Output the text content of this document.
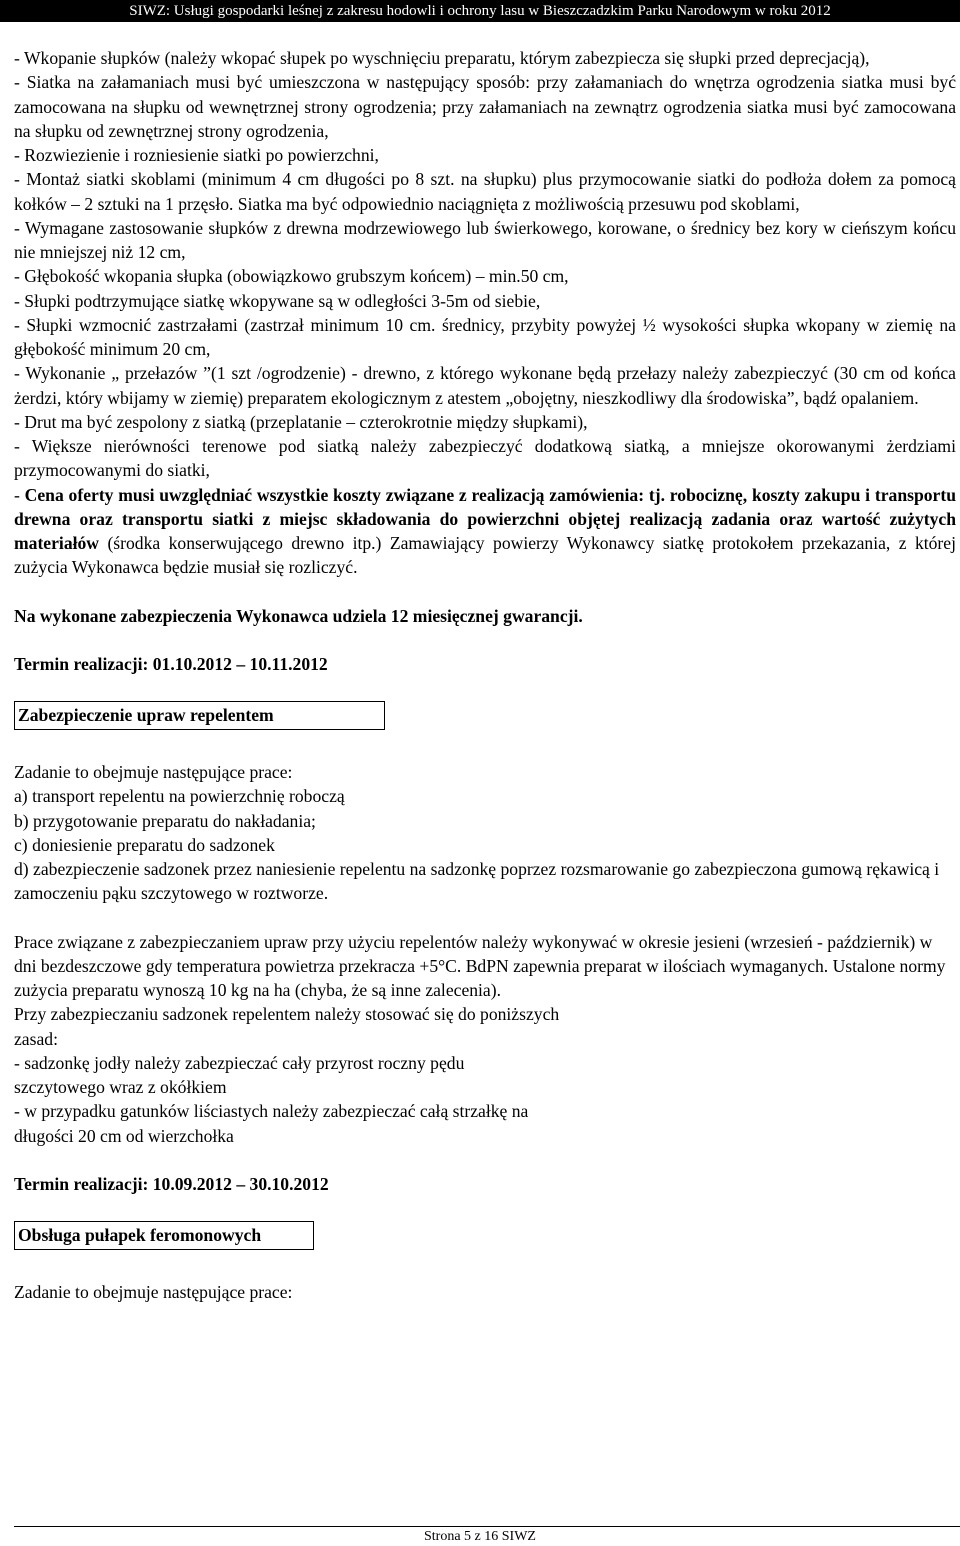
SIWZ: Usługi gospodarki leśnej z zakresu hodowli i ochrony lasu w Bieszczadzkim Parku Narodowym w roku 2012

- Wkopanie słupków (należy wkopać słupek po wyschnięciu preparatu, którym zabezpiecza się słupki przed deprecjacją),

- Siatka na załamaniach musi być umieszczona w następujący sposób: przy załamaniach do wnętrza ogrodzenia siatka musi być zamocowana na słupku od wewnętrznej strony ogrodzenia; przy załamaniach na zewnątrz ogrodzenia siatka musi być zamocowana na słupku od zewnętrznej strony ogrodzenia,

- Rozwiezienie i rozniesienie siatki po powierzchni,

- Montaż siatki skoblami (minimum 4 cm długości po 8 szt. na słupku) plus przymocowanie siatki do podłoża dołem za pomocą kołków – 2 sztuki na 1 przęsło. Siatka ma być odpowiednio naciągnięta z możliwością przesuwu pod skoblami,

- Wymagane zastosowanie słupków z drewna modrzewiowego lub świerkowego, korowane, o średnicy bez kory w cieńszym końcu nie mniejszej niż 12 cm,

- Głębokość wkopania słupka (obowiązkowo grubszym końcem) – min.50 cm,

- Słupki podtrzymujące siatkę wkopywane są w odległości 3-5m od siebie,

- Słupki wzmocnić zastrzałami (zastrzał minimum 10 cm. średnicy, przybity powyżej ½ wysokości słupka wkopany w ziemię na głębokość minimum 20 cm,

- Wykonanie „ przełazów ”(1 szt /ogrodzenie) - drewno, z którego wykonane będą przełazy należy zabezpieczyć (30 cm od końca żerdzi, który wbijamy w ziemię) preparatem ekologicznym z atestem „obojętny, nieszkodliwy dla środowiska”, bądź opalaniem.

- Drut ma być zespolony z siatką (przeplatanie – czterokrotnie między słupkami),

- Większe nierówności terenowe pod siatką należy zabezpieczyć dodatkową siatką, a mniejsze okorowanymi żerdziami przymocowanymi do siatki,

- Cena oferty musi uwzględniać wszystkie koszty związane z realizacją zamówienia: tj. robociznę, koszty zakupu i transportu drewna oraz transportu siatki z miejsc składowania do powierzchni objętej realizacją zadania oraz wartość zużytych materiałów (środka konserwującego drewno itp.) Zamawiający powierzy Wykonawcy siatkę protokołem przekazania, z której zużycia Wykonawca będzie musiał się rozliczyć.

Na wykonane zabezpieczenia Wykonawca udziela 12 miesięcznej gwarancji.

Termin realizacji: 01.10.2012 – 10.11.2012

Zabezpieczenie upraw repelentem

Zadanie to obejmuje następujące prace:

a) transport repelentu na powierzchnię roboczą

b) przygotowanie preparatu do nakładania;

c) doniesienie preparatu do sadzonek

d) zabezpieczenie sadzonek przez naniesienie repelentu na sadzonkę poprzez rozsmarowanie go zabezpieczona gumową rękawicą i zamoczeniu pąku szczytowego w roztworze.

Prace związane z zabezpieczaniem upraw przy użyciu repelentów należy wykonywać w okresie jesieni (wrzesień - październik) w dni bezdeszczowe gdy temperatura powietrza przekracza +5°C. BdPN zapewnia preparat w ilościach wymaganych. Ustalone normy zużycia preparatu wynoszą 10 kg na ha (chyba, że są inne zalecenia).

Przy zabezpieczaniu sadzonek repelentem należy stosować się do poniższych

zasad:

- sadzonkę jodły należy zabezpieczać cały przyrost roczny pędu

szczytowego wraz z okółkiem

- w przypadku gatunków liściastych należy zabezpieczać całą strzałkę na

długości 20 cm od wierzchołka

Termin realizacji: 10.09.2012 – 30.10.2012

Obsługa pułapek feromonowych

Zadanie to obejmuje następujące prace:

Strona 5 z 16 SIWZ
